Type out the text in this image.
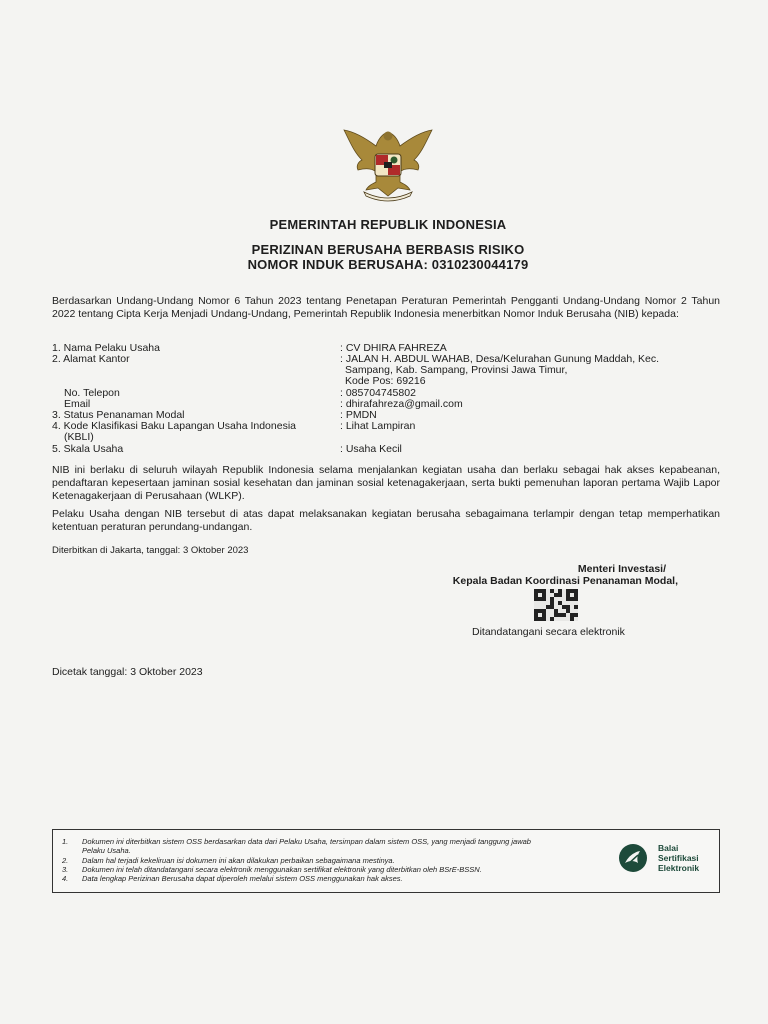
PEMERINTAH REPUBLIK INDONESIA
PERIZINAN BERUSAHA BERBASIS RISIKO
NOMOR INDUK BERUSAHA: 0310230044179
Berdasarkan Undang-Undang Nomor 6 Tahun 2023 tentang Penetapan Peraturan Pemerintah Pengganti Undang-Undang Nomor 2 Tahun 2022 tentang Cipta Kerja Menjadi Undang-Undang, Pemerintah Republik Indonesia menerbitkan Nomor Induk Berusaha (NIB) kepada:
1. Nama Pelaku Usaha	: CV DHIRA FAHREZA
2. Alamat Kantor	: JALAN H. ABDUL WAHAB, Desa/Kelurahan Gunung Maddah, Kec.
Sampang, Kab. Sampang, Provinsi Jawa Timur,
Kode Pos: 69216
No. Telepon	: 085704745802
Email	: dhirafahreza@gmail.com
3. Status Penanaman Modal	: PMDN
4. Kode Klasifikasi Baku Lapangan Usaha Indonesia
(KBLI)
: Lihat Lampiran
5. Skala Usaha	: Usaha Kecil
NIB ini berlaku di seluruh wilayah Republik Indonesia selama menjalankan kegiatan usaha dan berlaku sebagai hak akses kepabeanan, pendaftaran kepesertaan jaminan sosial kesehatan dan jaminan sosial ketenagakerjaan, serta bukti pemenuhan laporan pertama Wajib Lapor Ketenagakerjaan di Perusahaan (WLKP).
Pelaku Usaha dengan NIB tersebut di atas dapat melaksanakan kegiatan berusaha sebagaimana terlampir dengan tetap memperhatikan ketentuan peraturan perundang-undangan.
Diterbitkan di Jakarta, tanggal: 3 Oktober 2023
Menteri Investasi/
Kepala Badan Koordinasi Penanaman Modal,
Ditandatangani secara elektronik
Dicetak tanggal: 3 Oktober 2023
1. Dokumen ini diterbitkan sistem OSS berdasarkan data dari Pelaku Usaha, tersimpan dalam sistem OSS, yang menjadi tanggung jawab
Pelaku Usaha.
2. Dalam hal terjadi kekeliruan isi dokumen ini akan dilakukan perbaikan sebagaimana mestinya.
3. Dokumen ini telah ditandatangani secara elektronik menggunakan sertifikat elektronik yang diterbitkan oleh BSrE-BSSN.
4. Data lengkap Perizinan Berusaha dapat diperoleh melalui sistem OSS menggunakan hak akses.
Balai
Sertifikasi
Elektronik
